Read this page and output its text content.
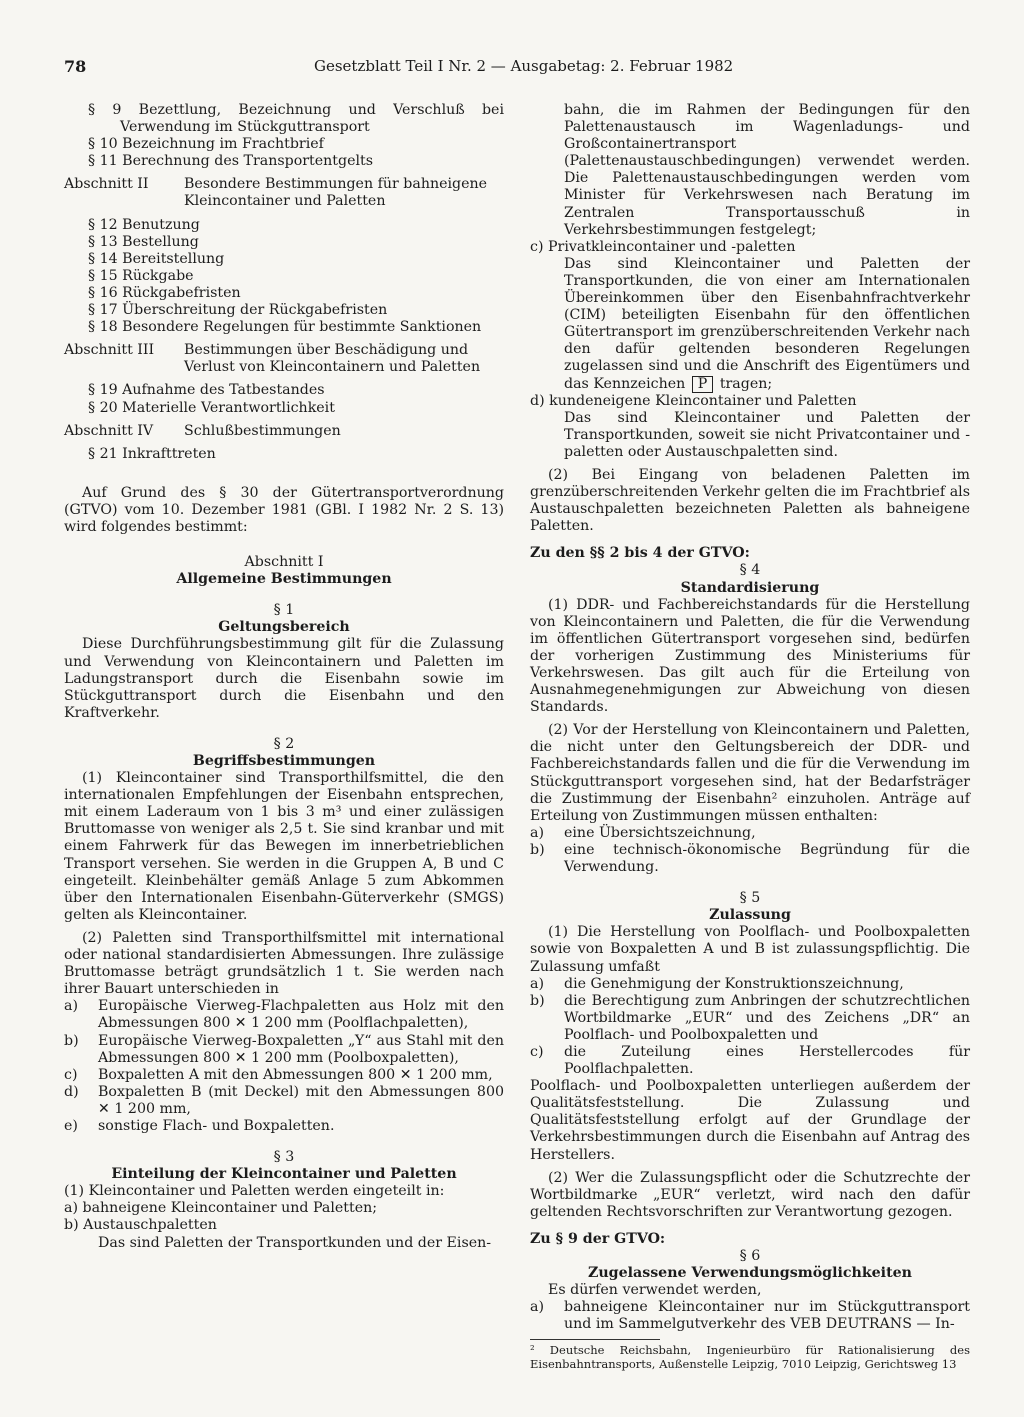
78	Gesetzblatt Teil I Nr. 2 — Ausgabetag: 2. Februar 1982

§ 9 Bezettlung, Bezeichnung und Verschluß bei Verwendung im Stückguttransport

§ 10 Bezeichnung im Frachtbrief

§ 11 Berechnung des Transportentgelts

Abschnitt II	Besondere Bestimmungen für bahneigene Kleincontainer und Paletten

§ 12 Benutzung

§ 13 Bestellung

§ 14 Bereitstellung

§ 15 Rückgabe

§ 16 Rückgabefristen

§ 17 Überschreitung der Rückgabefristen

§ 18 Besondere Regelungen für bestimmte Sanktionen

Abschnitt III	Bestimmungen über Beschädigung und Verlust von Kleincontainern und Paletten

§ 19 Aufnahme des Tatbestandes

§ 20 Materielle Verantwortlichkeit

Abschnitt IV	Schlußbestimmungen

§ 21 Inkrafttreten

Auf Grund des § 30 der Gütertransportverordnung (GTVO) vom 10. Dezember 1981 (GBl. I 1982 Nr. 2 S. 13) wird folgendes bestimmt:

Abschnitt I

Allgemeine Bestimmungen

§ 1

Geltungsbereich

Diese Durchführungsbestimmung gilt für die Zulassung und Verwendung von Kleincontainern und Paletten im Ladungstransport durch die Eisenbahn sowie im Stückguttransport durch die Eisenbahn und den Kraftverkehr.

§ 2

Begriffsbestimmungen

(1) Kleincontainer sind Transporthilfsmittel, die den internationalen Empfehlungen der Eisenbahn entsprechen, mit einem Laderaum von 1 bis 3 m³ und einer zulässigen Bruttomasse von weniger als 2,5 t. Sie sind kranbar und mit einem Fahrwerk für das Bewegen im innerbetrieblichen Transport versehen. Sie werden in die Gruppen A, B und C eingeteilt. Kleinbehälter gemäß Anlage 5 zum Abkommen über den Internationalen Eisenbahn-Güterverkehr (SMGS) gelten als Kleincontainer.

(2) Paletten sind Transporthilfsmittel mit international oder national standardisierten Abmessungen. Ihre zulässige Bruttomasse beträgt grundsätzlich 1 t. Sie werden nach ihrer Bauart unterschieden in

a)	Europäische Vierweg-Flachpaletten aus Holz mit den Abmessungen 800 ✕ 1 200 mm (Poolflachpaletten),
b)	Europäische Vierweg-Boxpaletten „Y“ aus Stahl mit den Abmessungen 800 ✕ 1 200 mm (Poolboxpaletten),
c)	Boxpaletten A mit den Abmessungen 800 ✕ 1 200 mm,
d)	Boxpaletten B (mit Deckel) mit den Abmessungen 800 ✕ 1 200 mm,
e)	sonstige Flach- und Boxpaletten.

§ 3

Einteilung der Kleincontainer und Paletten

(1) Kleincontainer und Paletten werden eingeteilt in:

a) bahneigene Kleincontainer und Paletten;

b) Austauschpaletten

Das sind Paletten der Transportkunden und der Eisen-

bahn, die im Rahmen der Bedingungen für den Palettenaustausch im Wagenladungs- und Großcontainertransport (Palettenaustauschbedingungen) verwendet werden. Die Palettenaustauschbedingungen werden vom Minister für Verkehrswesen nach Beratung im Zentralen Transportausschuß in Verkehrsbestimmungen festgelegt;

c) Privatkleincontainer und -paletten

Das sind Kleincontainer und Paletten der Transportkunden, die von einer am Internationalen Übereinkommen über den Eisenbahnfrachtverkehr (CIM) beteiligten Eisenbahn für den öffentlichen Gütertransport im grenzüberschreitenden Verkehr nach den dafür geltenden besonderen Regelungen zugelassen sind und die Anschrift des Eigentümers und das Kennzeichen P tragen;

d) kundeneigene Kleincontainer und Paletten

Das sind Kleincontainer und Paletten der Transportkunden, soweit sie nicht Privatcontainer und -paletten oder Austauschpaletten sind.

(2) Bei Eingang von beladenen Paletten im grenzüberschreitenden Verkehr gelten die im Frachtbrief als Austauschpaletten bezeichneten Paletten als bahneigene Paletten.

Zu den §§ 2 bis 4 der GTVO:

§ 4

Standardisierung

(1) DDR- und Fachbereichstandards für die Herstellung von Kleincontainern und Paletten, die für die Verwendung im öffentlichen Gütertransport vorgesehen sind, bedürfen der vorherigen Zustimmung des Ministeriums für Verkehrswesen. Das gilt auch für die Erteilung von Ausnahmegenehmigungen zur Abweichung von diesen Standards.

(2) Vor der Herstellung von Kleincontainern und Paletten, die nicht unter den Geltungsbereich der DDR- und Fachbereichstandards fallen und die für die Verwendung im Stückguttransport vorgesehen sind, hat der Bedarfsträger die Zustimmung der Eisenbahn² einzuholen. Anträge auf Erteilung von Zustimmungen müssen enthalten:

a)	eine Übersichtszeichnung,
b)	eine technisch-ökonomische Begründung für die Verwendung.

§ 5

Zulassung

(1) Die Herstellung von Poolflach- und Poolboxpaletten sowie von Boxpaletten A und B ist zulassungspflichtig. Die Zulassung umfaßt

a)	die Genehmigung der Konstruktionszeichnung,
b)	die Berechtigung zum Anbringen der schutzrechtlichen Wortbildmarke „EUR“ und des Zeichens „DR“ an Poolflach- und Poolboxpaletten und
c)	die Zuteilung eines Herstellercodes für Poolflachpaletten.

Poolflach- und Poolboxpaletten unterliegen außerdem der Qualitätsfeststellung. Die Zulassung und Qualitätsfeststellung erfolgt auf der Grundlage der Verkehrsbestimmungen durch die Eisenbahn auf Antrag des Herstellers.

(2) Wer die Zulassungspflicht oder die Schutzrechte der Wortbildmarke „EUR“ verletzt, wird nach den dafür geltenden Rechtsvorschriften zur Verantwortung gezogen.

Zu § 9 der GTVO:

§ 6

Zugelassene Verwendungsmöglichkeiten

Es dürfen verwendet werden,

a)	bahneigene Kleincontainer nur im Stückguttransport und im Sammelgutverkehr des VEB DEUTRANS — In-

² Deutsche Reichsbahn, Ingenieurbüro für Rationalisierung des Eisenbahntransports, Außenstelle Leipzig, 7010 Leipzig, Gerichtsweg 13
